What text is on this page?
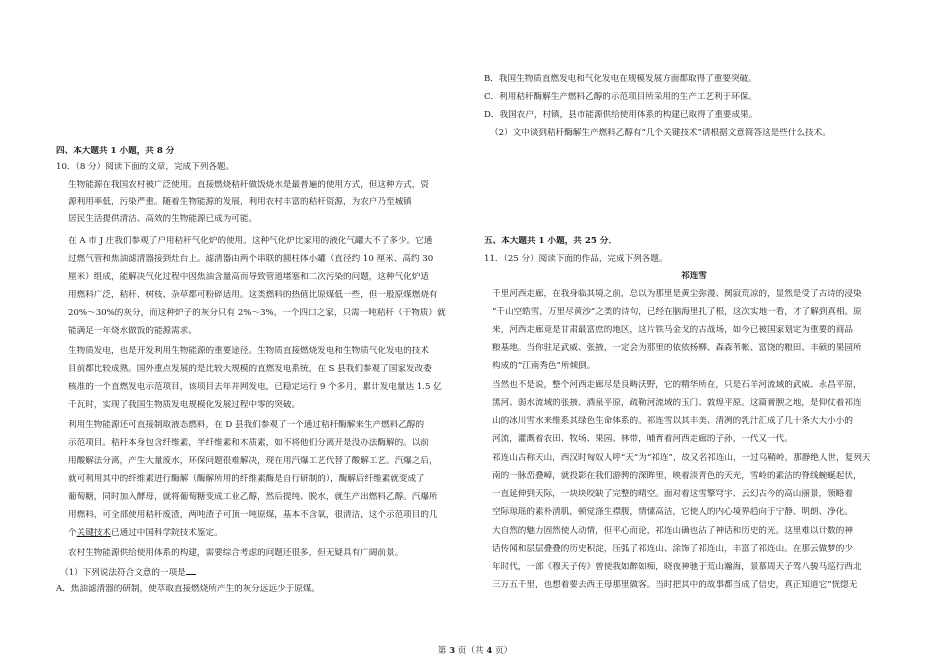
四、本大题共 1 小题，共 8 分
10．（8 分）阅读下面的文章，完成下列各题。
生物能源在我国农村被广泛使用。直接燃烧秸秆做饭烧水是最普遍的使用方式，但这种方式，资
源利用率低，污染严重。随着生物能源的发展，利用农村丰富的秸秆资源，为农户乃至城镇
居民生活提供清洁、高效的生物能源已成为可能。
在 A 市 J 庄我们参观了户用秸秆气化炉的使用。这种气化炉比家用的液化气罐大不了多少。它通
过燃气管和焦油滤清器接到灶台上。滤清器由两个串联的圆柱体小罐（直径约 10 厘米、高约 30
厘米）组成，能解决气化过程中因焦油含量高而导致管道堵塞和二次污染的问题，这种气化炉适
用燃料广泛，秸秆、树枝、杂草都可粉碎适用。这类燃料的热值比原煤低一些，但一般原煤燃烧有
20%～30%的灰分，而这种炉子的灰分只有 2%～3%，一个四口之家，只需一吨秸秆（干物质）就
能满足一年烧水做饭的能源需求。
生物质发电，也是开发利用生物能源的重要途径。生物质直接燃烧发电和生物质气化发电的技术
目前都比较成熟。国外重点发展的是比较大规模的直燃发电系统，在 S 县我们参观了国家发改委
核准的一个直燃发电示范项目，该项目去年并网发电，已稳定运行 9 个多月，累计发电量达 1.5 亿
千瓦时，实现了我国生物质发电规模化发展过程中零的突破。
利用生物能源还可直接制取液态燃料，在 D 县我们参观了一个通过秸秆酶解来生产燃料乙醇的
示范项目。秸秆本身包含纤维素，半纤维素和木质素，如不将他们分离开是没办法酶解的。以前
用酸解法分离，产生大量废水，环保问题很难解决，现在用汽爆工艺代替了酸解工艺。汽爆之后，
就可利用其中的纤维素进行酶解（酶解所用的纤维素酶是自行研制的），酶解后纤维素就变成了
葡萄糖，同时加入酵母，就将葡萄糖变成工业乙醇，然后提纯、脱水，就生产出燃料乙醇。汽爆所
用燃料，可全部使用秸秆废渣，两吨渣子可顶一吨原煤，基本不含氧，很清洁，这个示范项目的几
个关键技术已通过中国科学院技术鉴定。
农村生物能源供给使用体系的构建，需要综合考虑的问题还很多，但无疑具有广阔前景。
（1）下列说法符合文意的一项是
A．焦油滤清器的研制，使萃取直接燃烧所产生的灰分远远少于原煤。
B．我国生物质直燃发电和气化发电在规模发展方面都取得了重要突破。
C．利用秸秆酶解生产燃料乙醇的示范项目所采用的生产工艺利于环保。
D．我国农户，村镇，县市能源供给使用体系的构建已取得了重要成果。
（2）文中谈到秸秆酶解生产燃料乙醇有“几个关键技术”请根据文意简答这是些什么技术。
五、本大题共 1 小题，共 25 分．
11．（25 分）阅读下面的作品，完成下列各题。
祁连雪
千里河西走廊，在我身临其境之前，总以为那里是黄尘弥漫、阒寂荒凉的，显然是受了古诗的浸染
“千山空皓雪，万里尽黄沙”之类的诗句，已经在脑海里扎了根，这次实地一看，才了解到真相。原
来，河西走廊竟是甘肃最富庶的地区，这片铁马金戈的古战场，如今已被国家划定为重要的商品
粮基地。当你驻足武威、张掖，一定会为那里的依依杨柳、森森苇帐、富饶的粮田、丰硕的果园所
构成的“江南秀色”所倾倒。
当然也不是说，整个河西走廊尽是良畴沃野，它的精华所在，只是石羊河流域的武威、永昌平原，
黑河、弱水流域的张掖、酒泉平原，疏勒河流域的玉门、敦煌平原。这篇膏腴之地，是仰仗着祁连
山的冰川雪水来维系其绿色生命体系的。祁连雪以其丰美、清冽的乳汁汇成了几十条大大小小的
河流，灌溉着农田、牧场、果园、林带，哺育着河西走廊的子孙，一代又一代。
祁连山古称天山，西汉时匈奴人呼“天”为“祁连”，故又名祁连山，一过乌鞘岭，那静绝人世，复列天
南的一脉峦叠嶂，就投影在我们游骋的深眸里，映着淡青色的天光，雪岭的素洁的脊线蜿蜒起伏，
一直延伸到天际，一块块咬缺了完整的晴空。面对着这雪擎穹宇、云幻古今的高山丽景，领略着
空际琼瑶的素朴清肌，顿觉涤生襟腹，情愫高洁，它使人的内心境界趋向于宁静、明朗、净化。
大自然的魅力固然使人动情，但平心而论，祁连山确也沾了神话和历史的光。这里难以计数的神
话传闻和层层叠叠的历史积淀，压弧了祁连山、涂饰了祁连山，丰富了祁连山。在那云做梦的少
年时代，一部《穆天子传》曾使我如醉如痴，晓夜神驰于荒山瀚海，景慕周天子驾八骏马巡行西北
三万五千里，也想着要去西王母那里做客。当时把其中的故事都当成了信史，真正知道它“恍惚无
第 3 页（共 4 页）
